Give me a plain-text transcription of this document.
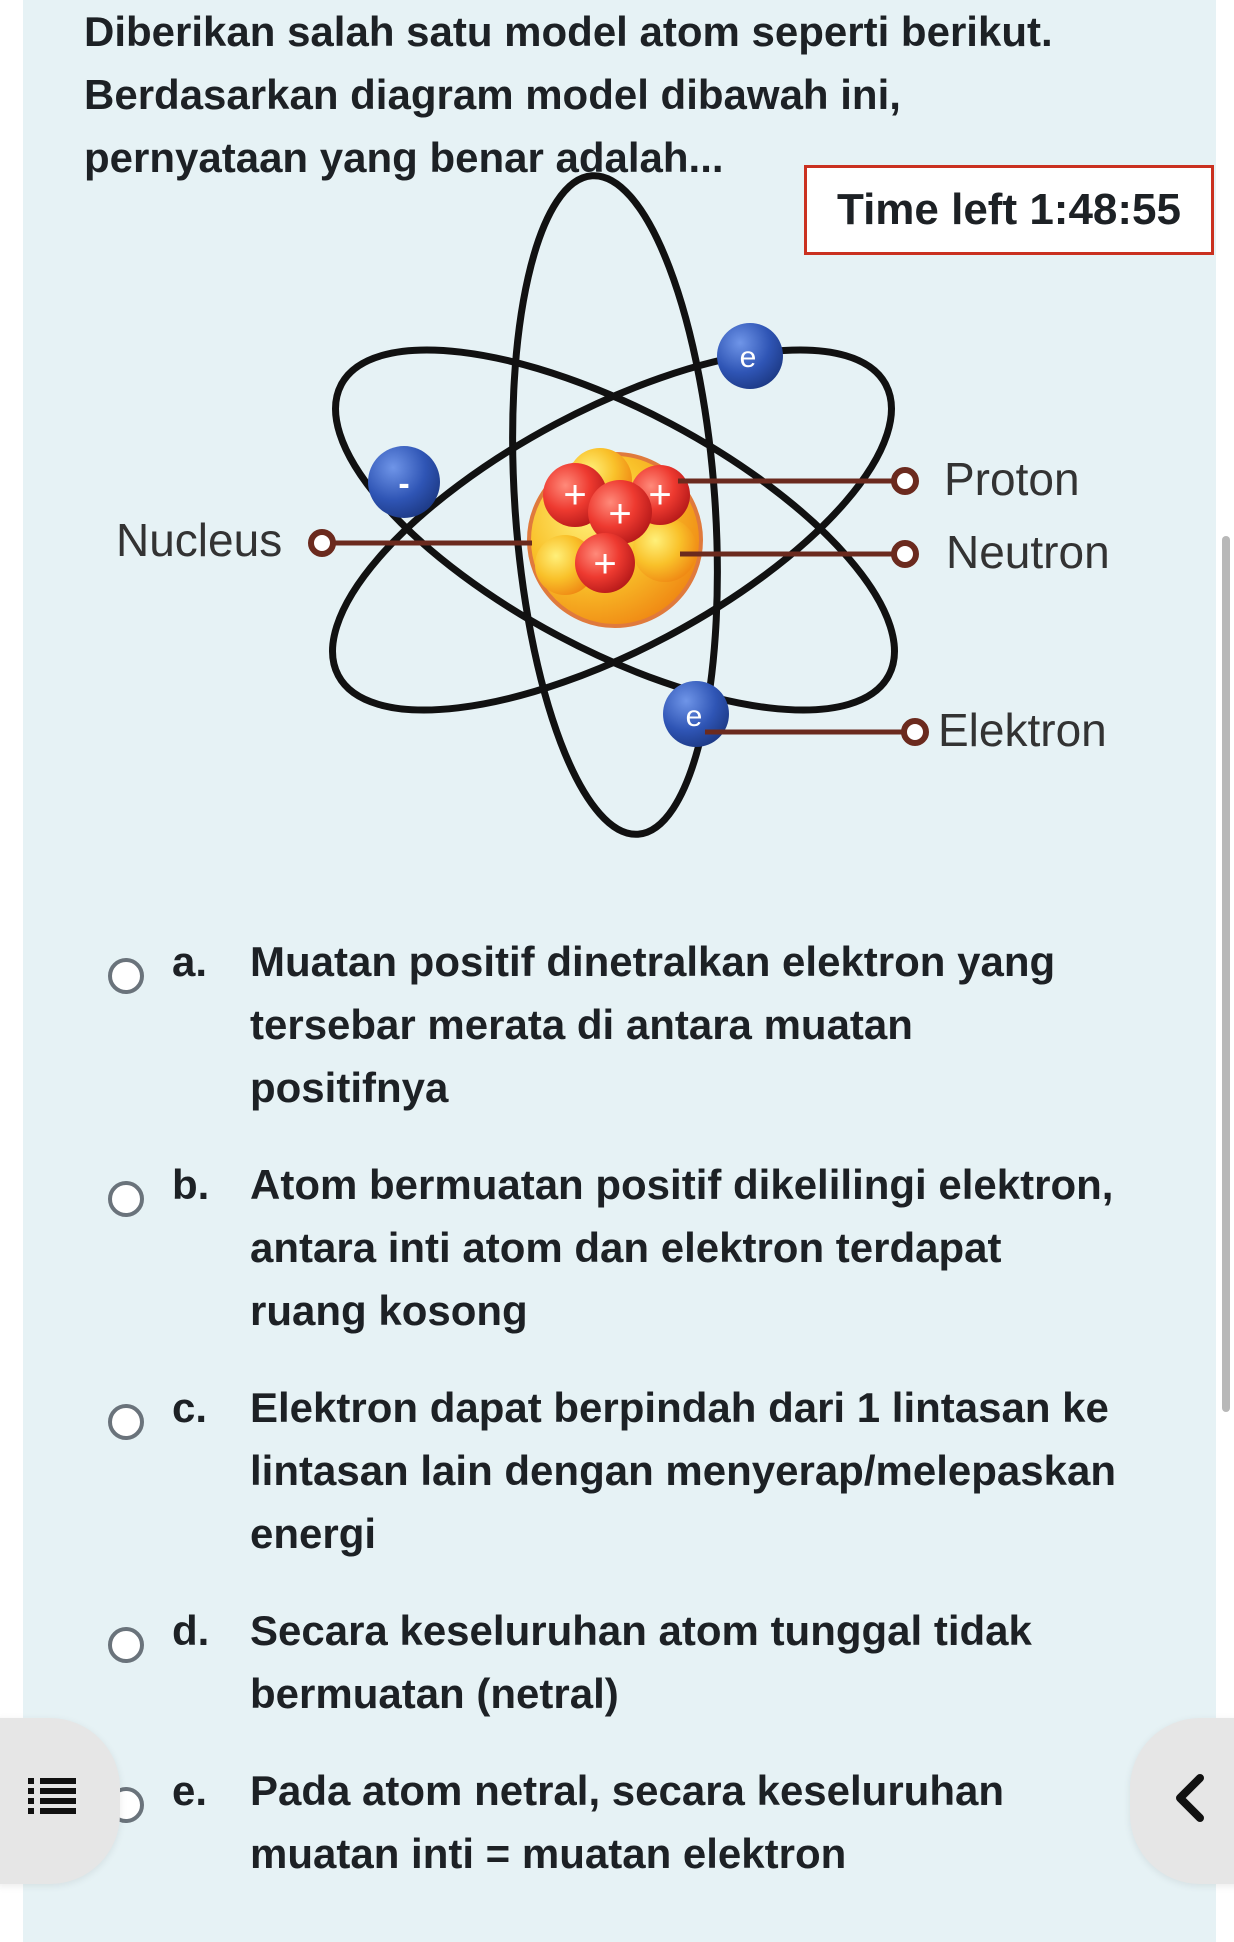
Diberikan salah satu model atom seperti berikut.
Berdasarkan diagram model dibawah ini,
pernyataan yang benar adalah...
+ +
+
+
e
-
e
Nucleus
Proton
Neutron
Elektron
Time left 1:48:55
a. Muatan positif dinetralkan elektron yang
tersebar merata di antara muatan
positifnya
b. Atom bermuatan positif dikelilingi elektron,
antara inti atom dan elektron terdapat
ruang kosong
c. Elektron dapat berpindah dari 1 lintasan ke
lintasan lain dengan menyerap/melepaskan
energi
d. Secara keseluruhan atom tunggal tidak
bermuatan (netral)
e. Pada atom netral, secara keseluruhan
muatan inti = muatan elektron
